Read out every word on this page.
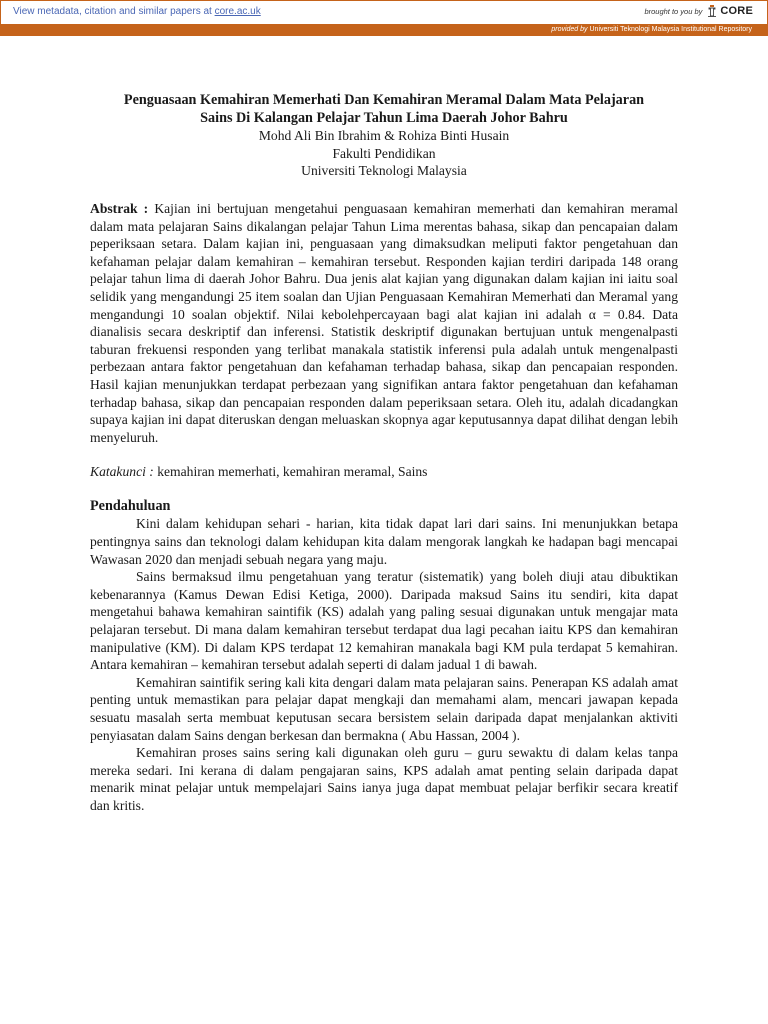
View metadata, citation and similar papers at core.ac.uk	brought to you by CORE
provided by Universiti Teknologi Malaysia Institutional Repository
Penguasaan Kemahiran Memerhati Dan Kemahiran Meramal Dalam Mata Pelajaran
Sains Di Kalangan Pelajar Tahun Lima Daerah Johor Bahru
Mohd Ali Bin Ibrahim & Rohiza Binti Husain
Fakulti Pendidikan
Universiti Teknologi Malaysia

Abstrak : Kajian ini bertujuan mengetahui penguasaan kemahiran memerhati dan kemahiran meramal dalam mata pelajaran Sains dikalangan pelajar Tahun Lima merentas bahasa, sikap dan pencapaian dalam peperiksaan setara. Dalam kajian ini, penguasaan yang dimaksudkan meliputi faktor pengetahuan dan kefahaman pelajar dalam kemahiran – kemahiran tersebut. Responden kajian terdiri daripada 148 orang pelajar tahun lima di daerah Johor Bahru. Dua jenis alat kajian yang digunakan dalam kajian ini iaitu soal selidik yang mengandungi 25 item soalan dan Ujian Penguasaan Kemahiran Memerhati dan Meramal yang mengandungi 10 soalan objektif. Nilai kebolehpercayaan bagi alat kajian ini adalah α = 0.84. Data dianalisis secara deskriptif dan inferensi. Statistik deskriptif digunakan bertujuan untuk mengenalpasti taburan frekuensi responden yang terlibat manakala statistik inferensi pula adalah untuk mengenalpasti perbezaan antara faktor pengetahuan dan kefahaman terhadap bahasa, sikap dan pencapaian responden. Hasil kajian menunjukkan terdapat perbezaan yang signifikan antara faktor pengetahuan dan kefahaman terhadap bahasa, sikap dan pencapaian responden dalam peperiksaan setara. Oleh itu, adalah dicadangkan supaya kajian ini dapat diteruskan dengan meluaskan skopnya agar keputusannya dapat dilihat dengan lebih menyeluruh.

Katakunci : kemahiran memerhati, kemahiran meramal, Sains

Pendahuluan

Kini dalam kehidupan sehari - harian, kita tidak dapat lari dari sains. Ini menunjukkan betapa pentingnya sains dan teknologi dalam kehidupan kita dalam mengorak langkah ke hadapan bagi mencapai Wawasan 2020 dan menjadi sebuah negara yang maju.

Sains bermaksud ilmu pengetahuan yang teratur (sistematik) yang boleh diuji atau dibuktikan kebenarannya (Kamus Dewan Edisi Ketiga, 2000). Daripada maksud Sains itu sendiri, kita dapat mengetahui bahawa kemahiran saintifik (KS) adalah yang paling sesuai digunakan untuk mengajar mata pelajaran tersebut. Di mana dalam kemahiran tersebut terdapat dua lagi pecahan iaitu KPS dan kemahiran manipulative (KM). Di dalam KPS terdapat 12 kemahiran manakala bagi KM pula terdapat 5 kemahiran. Antara kemahiran – kemahiran tersebut adalah seperti di dalam jadual 1 di bawah.

Kemahiran saintifik sering kali kita dengari dalam mata pelajaran sains. Penerapan KS adalah amat penting untuk memastikan para pelajar dapat mengkaji dan memahami alam, mencari jawapan kepada sesuatu masalah serta membuat keputusan secara bersistem selain daripada dapat menjalankan aktiviti penyiasatan dalam Sains dengan berkesan dan bermakna ( Abu Hassan, 2004 ).

Kemahiran proses sains sering kali digunakan oleh guru – guru sewaktu di dalam kelas tanpa mereka sedari. Ini kerana di dalam pengajaran sains, KPS adalah amat penting selain daripada dapat menarik minat pelajar untuk mempelajari Sains ianya juga dapat membuat pelajar berfikir secara kreatif dan kritis.
